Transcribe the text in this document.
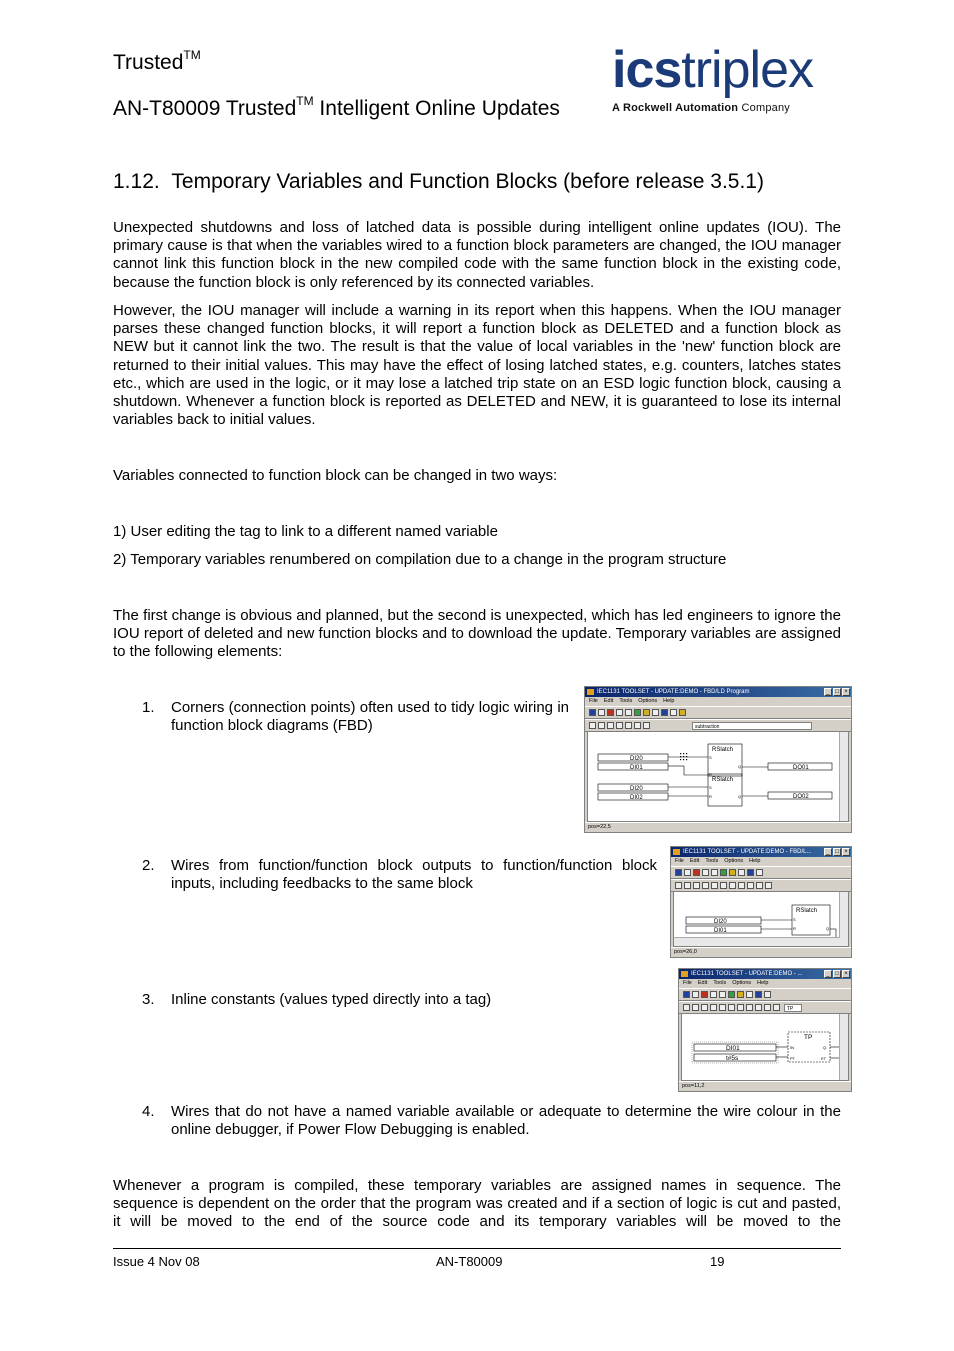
Trusted™
AN-T80009 Trusted™ Intelligent Online Updates
icstriplex
A Rockwell Automation Company
1.12. Temporary Variables and Function Blocks (before release 3.5.1)

Unexpected shutdowns and loss of latched data is possible during intelligent online updates (IOU). The primary cause is that when the variables wired to a function block parameters are changed, the IOU manager cannot link this function block in the new compiled code with the same function block in the existing code, because the function block is only referenced by its connected variables.

However, the IOU manager will include a warning in its report when this happens. When the IOU manager parses these changed function blocks, it will report a function block as DELETED and a function block as NEW but it cannot link the two. The result is that the value of local variables in the 'new' function block are returned to their initial values. This may have the effect of losing latched states, e.g. counters, latches states etc., which are used in the logic, or it may lose a latched trip state on an ESD logic function block, causing a shutdown. Whenever a function block is reported as DELETED and NEW, it is guaranteed to lose its internal variables back to initial values.

Variables connected to function block can be changed in two ways:
1) User editing the tag to link to a different named variable
2) Temporary variables renumbered on compilation due to a change in the program structure

The first change is obvious and planned, but the second is unexpected, which has led engineers to ignore the IOU report of deleted and new function blocks and to download the update. Temporary variables are assigned to the following elements:

1. Corners (connection points) often used to tidy logic wiring in function block diagrams (FBD)

2. Wires from function/function block outputs to function/function block inputs, including feedbacks to the same block

3. Inline constants (values typed directly into a tag)
4. Wires that do not have a named variable available or adequate to determine the wire colour in the online debugger, if Power Flow Debugging is enabled.

Whenever a program is compiled, these temporary variables are assigned names in sequence. The sequence is dependent on the order that the program was created and if a section of logic is cut and pasted, it will be moved to the end of the source code and its temporary variables will be moved to the

IEC1131 TOOLSET - UPDATE:DEMO - FBD/LD Program	_ □ ×
File Edit Tools Options Help
subtraction
DI20
DI01
DI20
DI02
RSlatch
S
R
Q
RSlatch
S
R	Q
DO01
DO02
pos=22,5
IEC1131 TOOLSET - UPDATE:DEMO - FBD/L...	_ □ ×
File Edit Tools Options Help
DI20
DI01
RSlatch
S
R	Q
pos=26,0
IEC1131 TOOLSET - UPDATE:DEMO - ...	_ □ ×
File Edit Tools Options Help
TP
DI01
t#5s
TP
IN
PT
Q
ET
pos=11,2
Issue 4 Nov 08	AN-T80009	19
